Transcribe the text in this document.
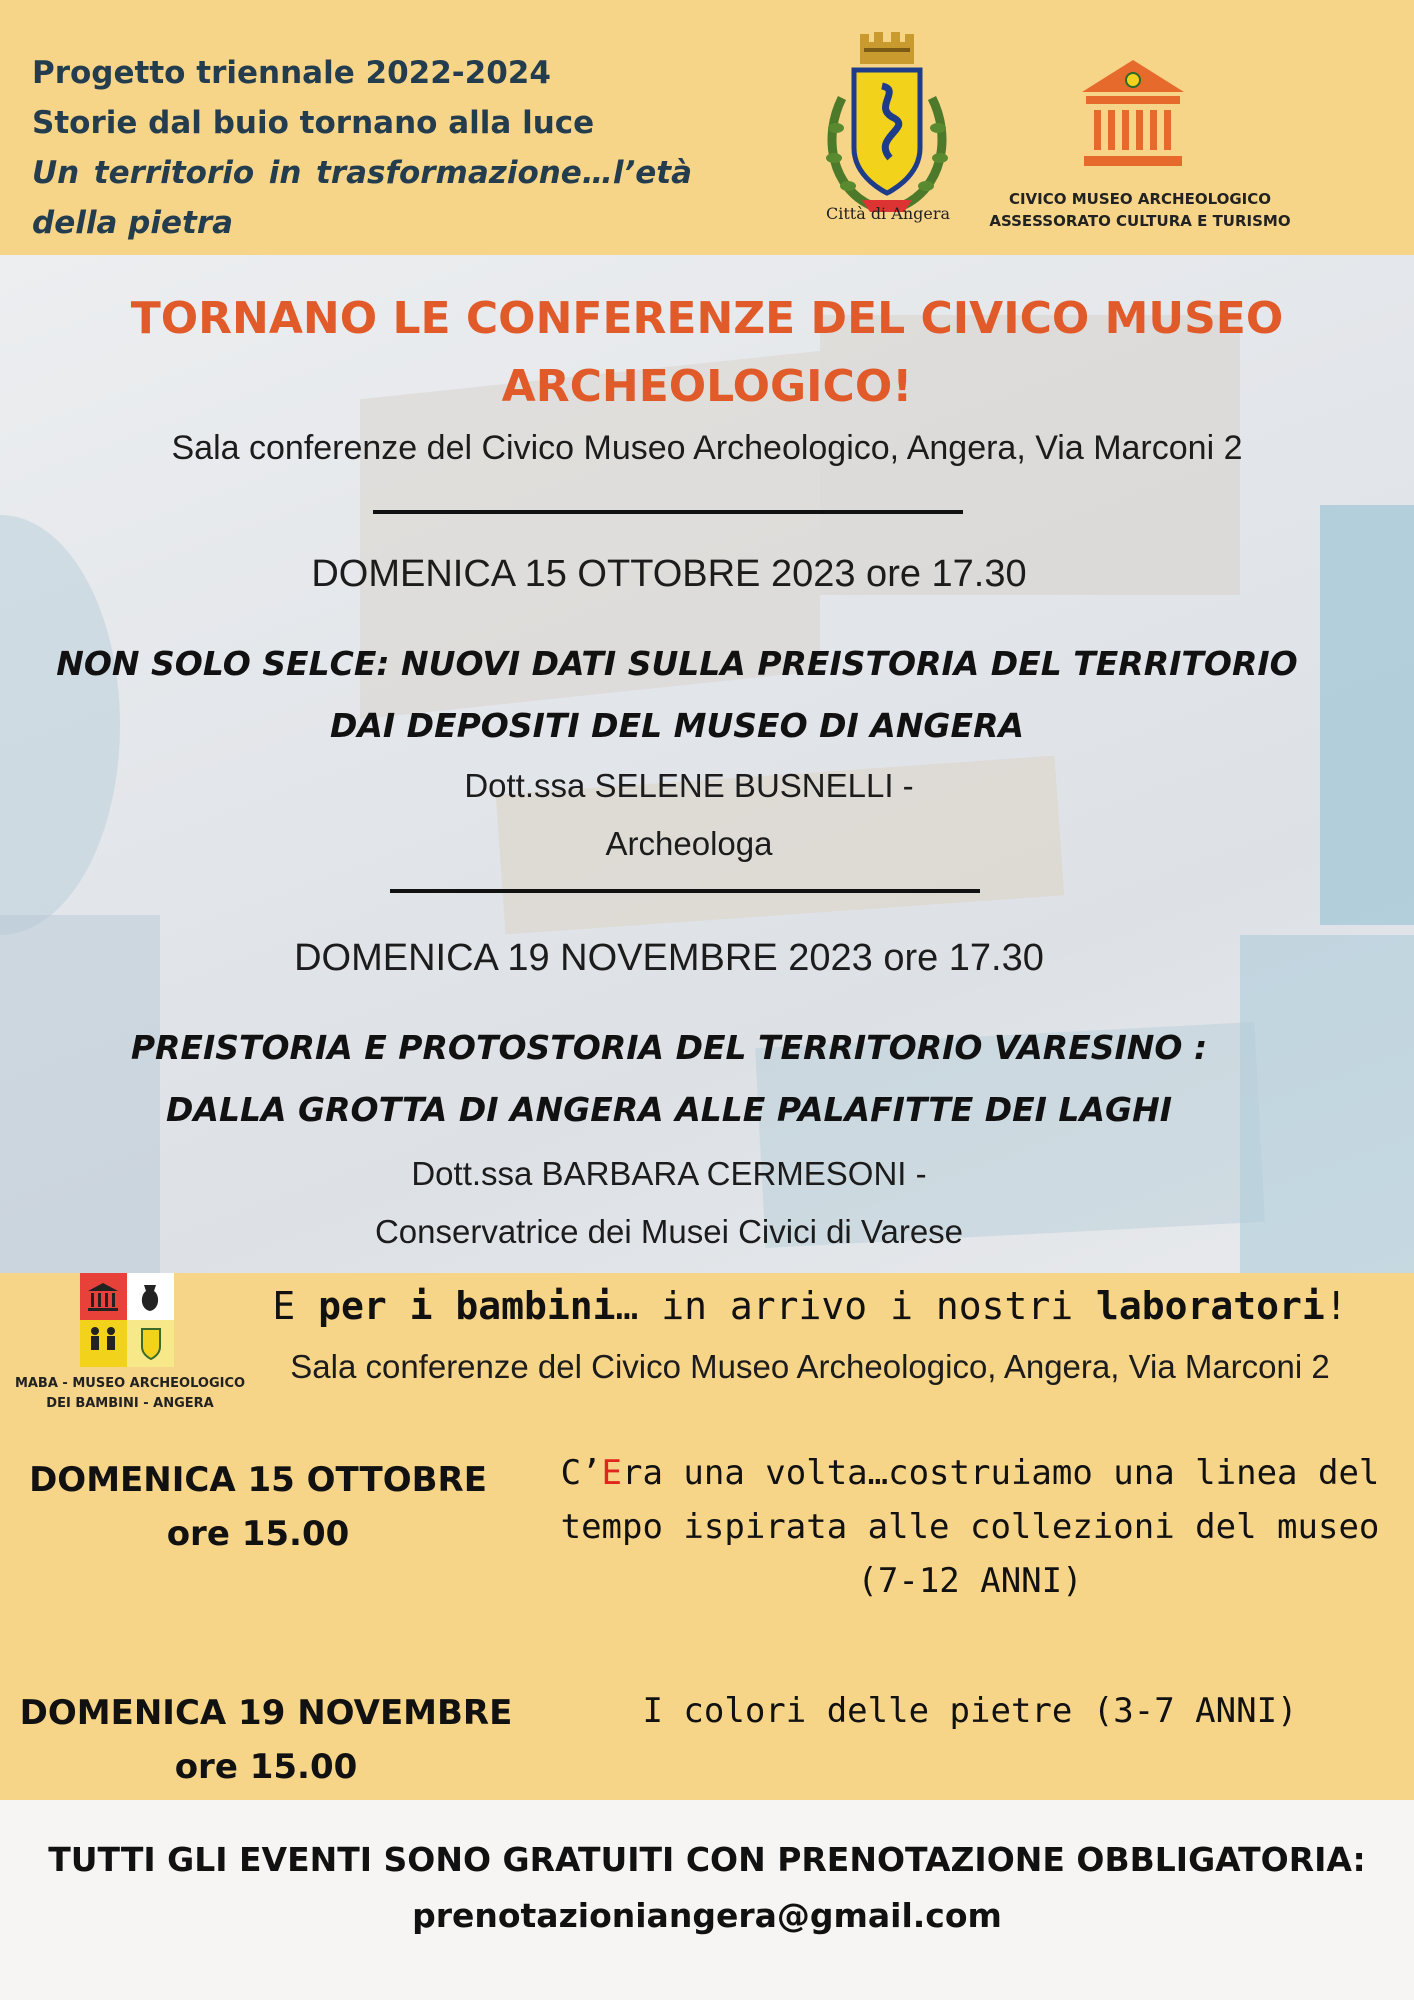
Progetto triennale 2022-2024
Storie dal buio tornano alla luce
Un territorio in trasformazione…l’età
della pietra	Città di Angera
CIVICO MUSEO ARCHEOLOGICO
ASSESSORATO CULTURA E TURISMO
TORNANO LE CONFERENZE DEL CIVICO MUSEO
ARCHEOLOGICO!
Sala conferenze del Civico Museo Archeologico, Angera, Via Marconi 2
DOMENICA 15 OTTOBRE 2023 ore 17.30
NON SOLO SELCE: NUOVI DATI SULLA PREISTORIA DEL TERRITORIO
DAI DEPOSITI DEL MUSEO DI ANGERA
Dott.ssa SELENE BUSNELLI -
Archeologa
DOMENICA 19 NOVEMBRE 2023 ore 17.30
PREISTORIA E PROTOSTORIA DEL TERRITORIO VARESINO :
DALLA GROTTA DI ANGERA ALLE PALAFITTE DEI LAGHI
Dott.ssa BARBARA CERMESONI -
Conservatrice dei Musei Civici di Varese
MABA - MUSEO ARCHEOLOGICO
DEI BAMBINI - ANGERA
E per i bambini… in arrivo i nostri laboratori!
Sala conferenze del Civico Museo Archeologico, Angera, Via Marconi 2
DOMENICA 15 OTTOBRE
ore 15.00
C’Era una volta…costruiamo una linea del
tempo ispirata alle collezioni del museo
(7-12 ANNI)
DOMENICA 19 NOVEMBRE
ore 15.00
I colori delle pietre (3-7 ANNI)
TUTTI GLI EVENTI SONO GRATUITI CON PRENOTAZIONE OBBLIGATORIA:
prenotazioniangera@gmail.com
